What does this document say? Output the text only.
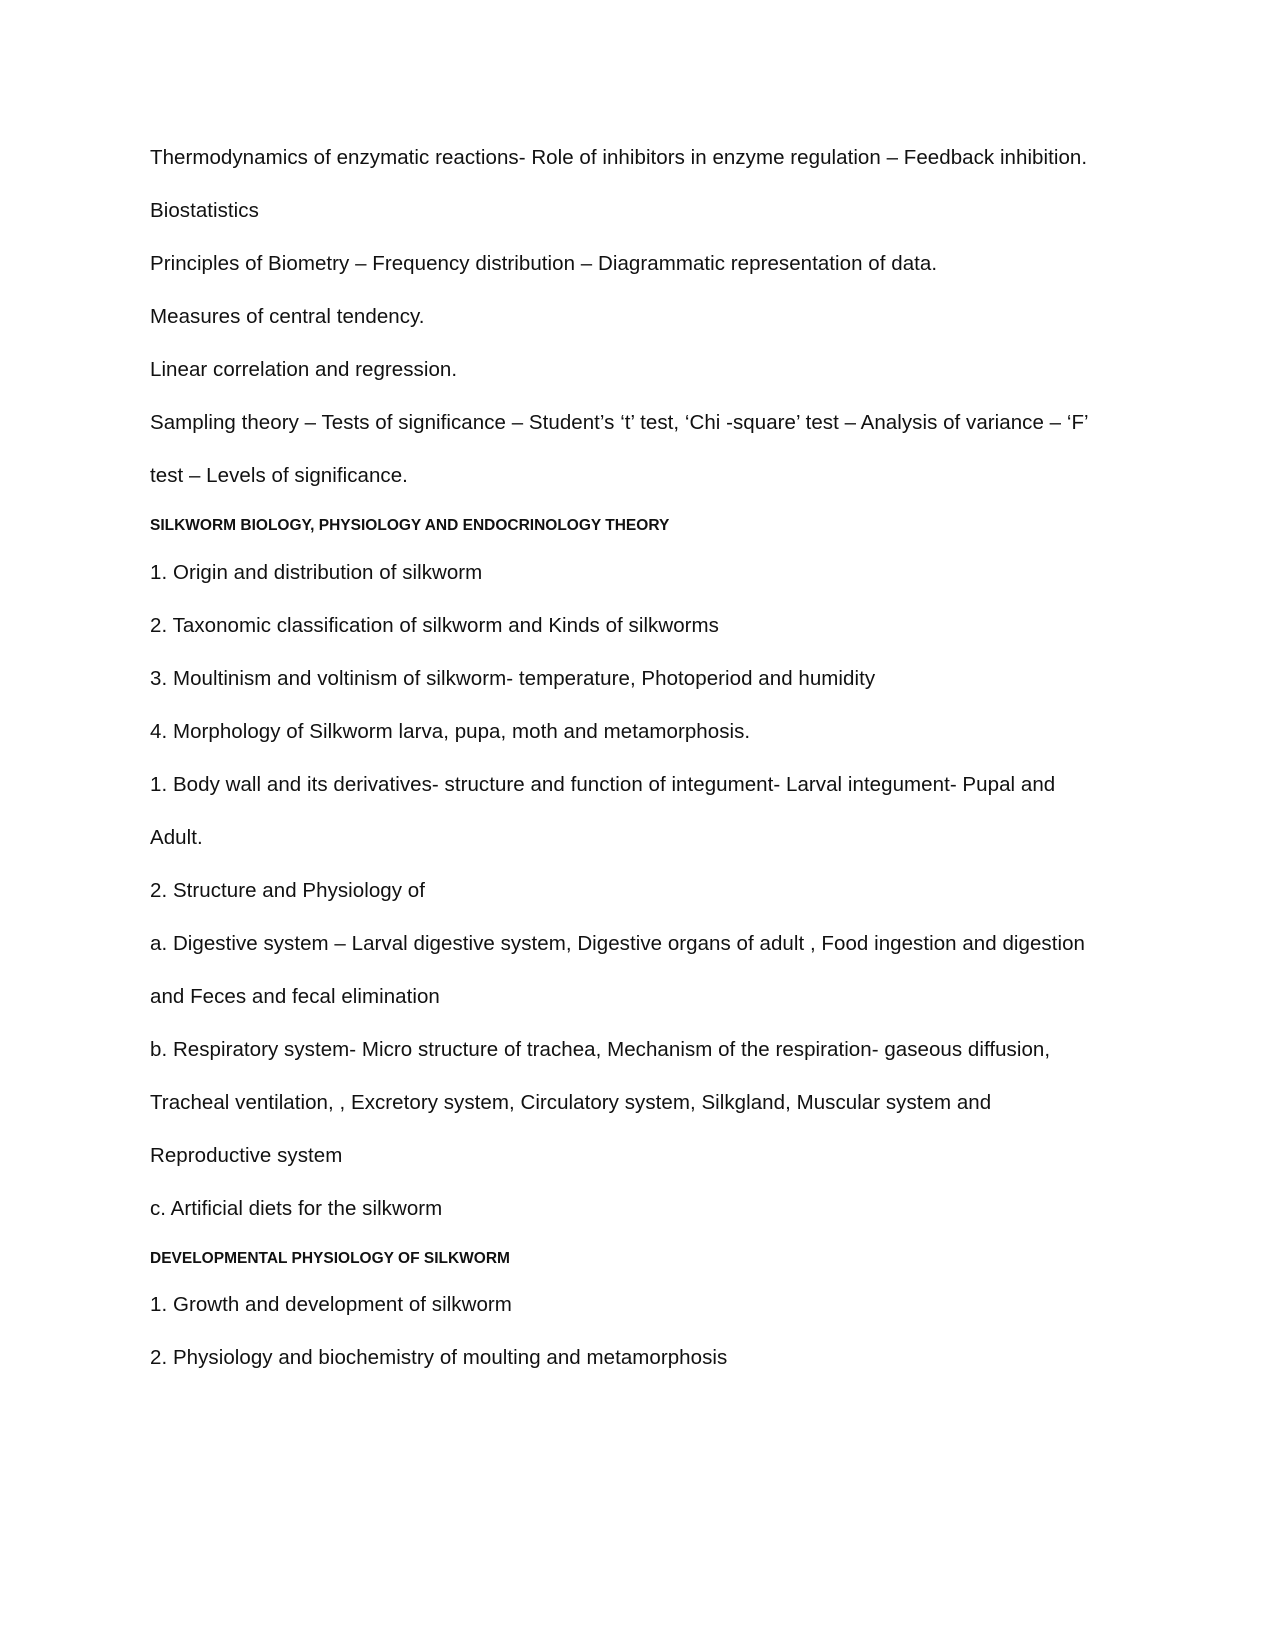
Thermodynamics of enzymatic reactions- Role of inhibitors in enzyme regulation – Feedback inhibition.

Biostatistics

Principles of Biometry – Frequency distribution – Diagrammatic representation of data.

Measures of central tendency.

Linear correlation and regression.

Sampling theory – Tests of significance – Student’s ‘t’ test, ‘Chi -square’ test – Analysis of variance – ‘F’

test – Levels of significance.

SILKWORM BIOLOGY, PHYSIOLOGY AND ENDOCRINOLOGY THEORY

1. Origin and distribution of silkworm

2. Taxonomic classification of silkworm and Kinds of silkworms

3. Moultinism and voltinism of silkworm- temperature, Photoperiod and humidity

4. Morphology of Silkworm larva, pupa, moth and metamorphosis.

1. Body wall and its derivatives- structure and function of integument- Larval integument- Pupal and

Adult.

2. Structure and Physiology of

a. Digestive system – Larval digestive system, Digestive organs of adult , Food ingestion and digestion

and Feces and fecal elimination

b. Respiratory system- Micro structure of trachea, Mechanism of the respiration- gaseous diffusion,

Tracheal ventilation, , Excretory system, Circulatory system, Silkgland, Muscular system and

Reproductive system

c. Artificial diets for the silkworm

DEVELOPMENTAL PHYSIOLOGY OF SILKWORM

1. Growth and development of silkworm

2. Physiology and biochemistry of moulting and metamorphosis
